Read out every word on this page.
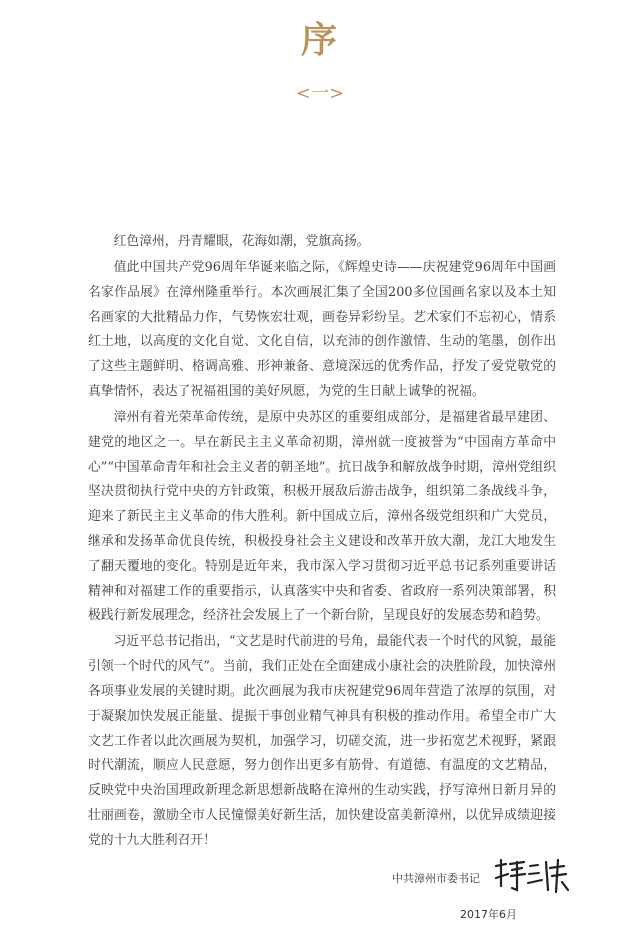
序
<一>

红色漳州，丹青耀眼，花海如潮，党旗高扬。

值此中国共产党96周年华诞来临之际，《辉煌史诗——庆祝建党96周年中国画名家作品展》在漳州隆重举行。本次画展汇集了全国200多位国画名家以及本土知名画家的大批精品力作，气势恢宏壮观，画卷异彩纷呈。艺术家们不忘初心，情系红土地，以高度的文化自觉、文化自信，以充沛的创作激情、生动的笔墨，创作出了这些主题鲜明、格调高雅、形神兼备、意境深远的优秀作品，抒发了爱党敬党的真挚情怀，表达了祝福祖国的美好夙愿，为党的生日献上诚挚的祝福。

漳州有着光荣革命传统，是原中央苏区的重要组成部分，是福建省最早建团、建党的地区之一。早在新民主主义革命初期，漳州就一度被誉为“中国南方革命中心”“中国革命青年和社会主义者的朝圣地”。抗日战争和解放战争时期，漳州党组织坚决贯彻执行党中央的方针政策，积极开展敌后游击战争，组织第二条战线斗争，迎来了新民主主义革命的伟大胜利。新中国成立后，漳州各级党组织和广大党员，继承和发扬革命优良传统，积极投身社会主义建设和改革开放大潮，龙江大地发生了翻天覆地的变化。特别是近年来，我市深入学习贯彻习近平总书记系列重要讲话精神和对福建工作的重要指示，认真落实中央和省委、省政府一系列决策部署，积极践行新发展理念，经济社会发展上了一个新台阶，呈现良好的发展态势和趋势。

习近平总书记指出，“文艺是时代前进的号角，最能代表一个时代的风貌，最能引领一个时代的风气”。当前，我们正处在全面建成小康社会的决胜阶段，加快漳州各项事业发展的关键时期。此次画展为我市庆祝建党96周年营造了浓厚的氛围，对于凝聚加快发展正能量、提振干事创业精气神具有积极的推动作用。希望全市广大文艺工作者以此次画展为契机，加强学习，切磋交流，进一步拓宽艺术视野，紧跟时代潮流，顺应人民意愿，努力创作出更多有筋骨、有道德、有温度的文艺精品，反映党中央治国理政新理念新思想新战略在漳州的生动实践，抒写漳州日新月异的壮丽画卷，激励全市人民憧憬美好新生活，加快建设富美新漳州，以优异成绩迎接党的十九大胜利召开！

中共漳州市委书记
2017年6月
